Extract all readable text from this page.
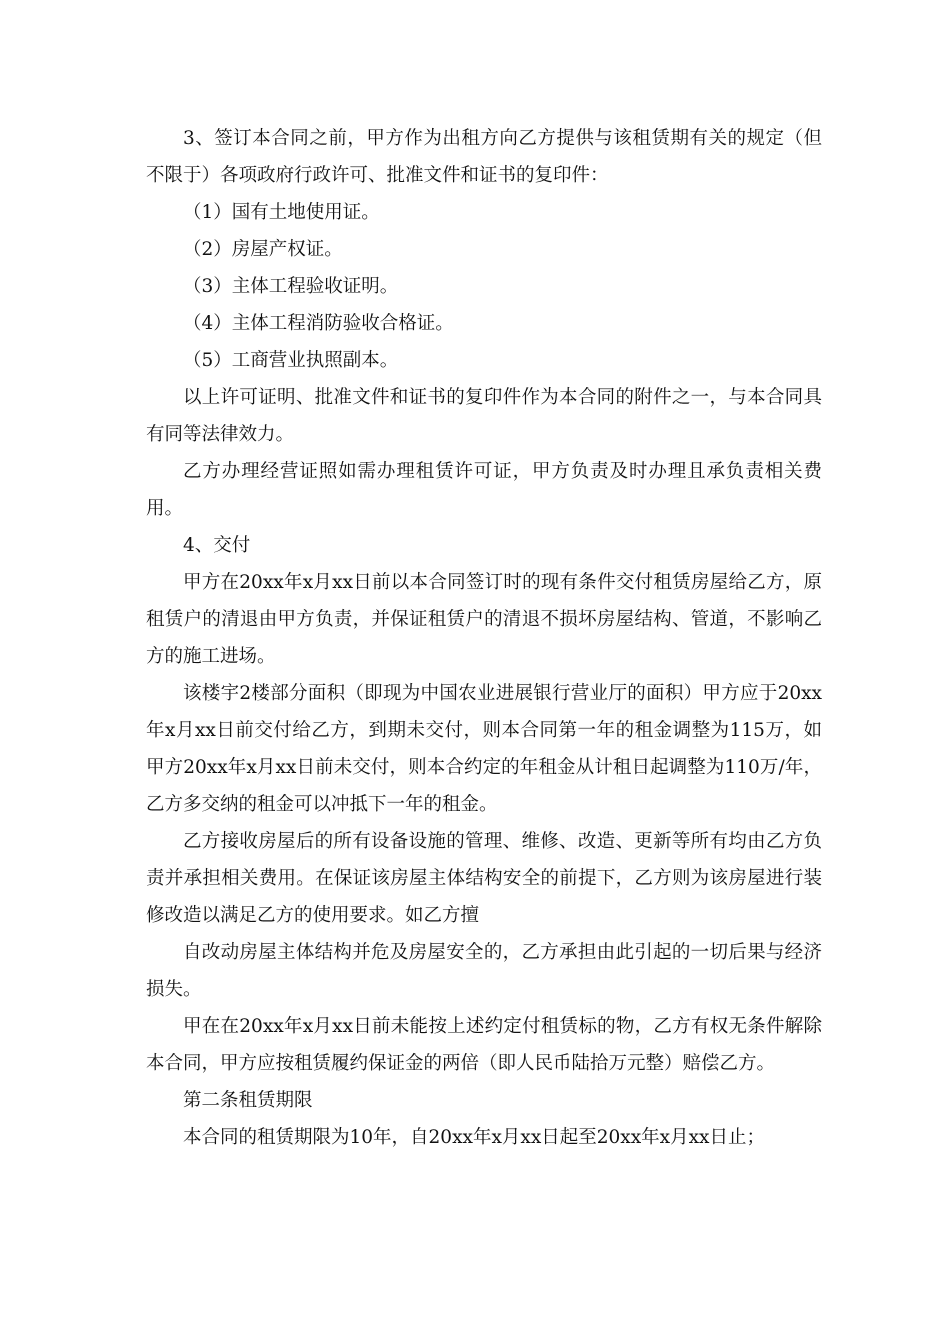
3、签订本合同之前，甲方作为出租方向乙方提供与该租赁期有关的规定（但不限于）各项政府行政许可、批准文件和证书的复印件：

（1）国有土地使用证。

（2）房屋产权证。

（3）主体工程验收证明。

（4）主体工程消防验收合格证。

（5）工商营业执照副本。

以上许可证明、批准文件和证书的复印件作为本合同的附件之一，与本合同具有同等法律效力。

乙方办理经营证照如需办理租赁许可证，甲方负责及时办理且承负责相关费用。

4、交付

甲方在20xx年x月xx日前以本合同签订时的现有条件交付租赁房屋给乙方，原租赁户的清退由甲方负责，并保证租赁户的清退不损坏房屋结构、管道，不影响乙方的施工进场。

该楼宇2楼部分面积（即现为中国农业进展银行营业厅的面积）甲方应于20xx年x月xx日前交付给乙方，到期未交付，则本合同第一年的租金调整为115万，如甲方20xx年x月xx日前未交付，则本合约定的年租金从计租日起调整为110万/年，乙方多交纳的租金可以冲抵下一年的租金。

乙方接收房屋后的所有设备设施的管理、维修、改造、更新等所有均由乙方负责并承担相关费用。在保证该房屋主体结构安全的前提下，乙方则为该房屋进行装修改造以满足乙方的使用要求。如乙方擅

自改动房屋主体结构并危及房屋安全的，乙方承担由此引起的一切后果与经济损失。

甲在在20xx年x月xx日前未能按上述约定付租赁标的物，乙方有权无条件解除本合同，甲方应按租赁履约保证金的两倍（即人民币陆拾万元整）赔偿乙方。

第二条租赁期限

本合同的租赁期限为10年，自20xx年x月xx日起至20xx年x月xx日止；
